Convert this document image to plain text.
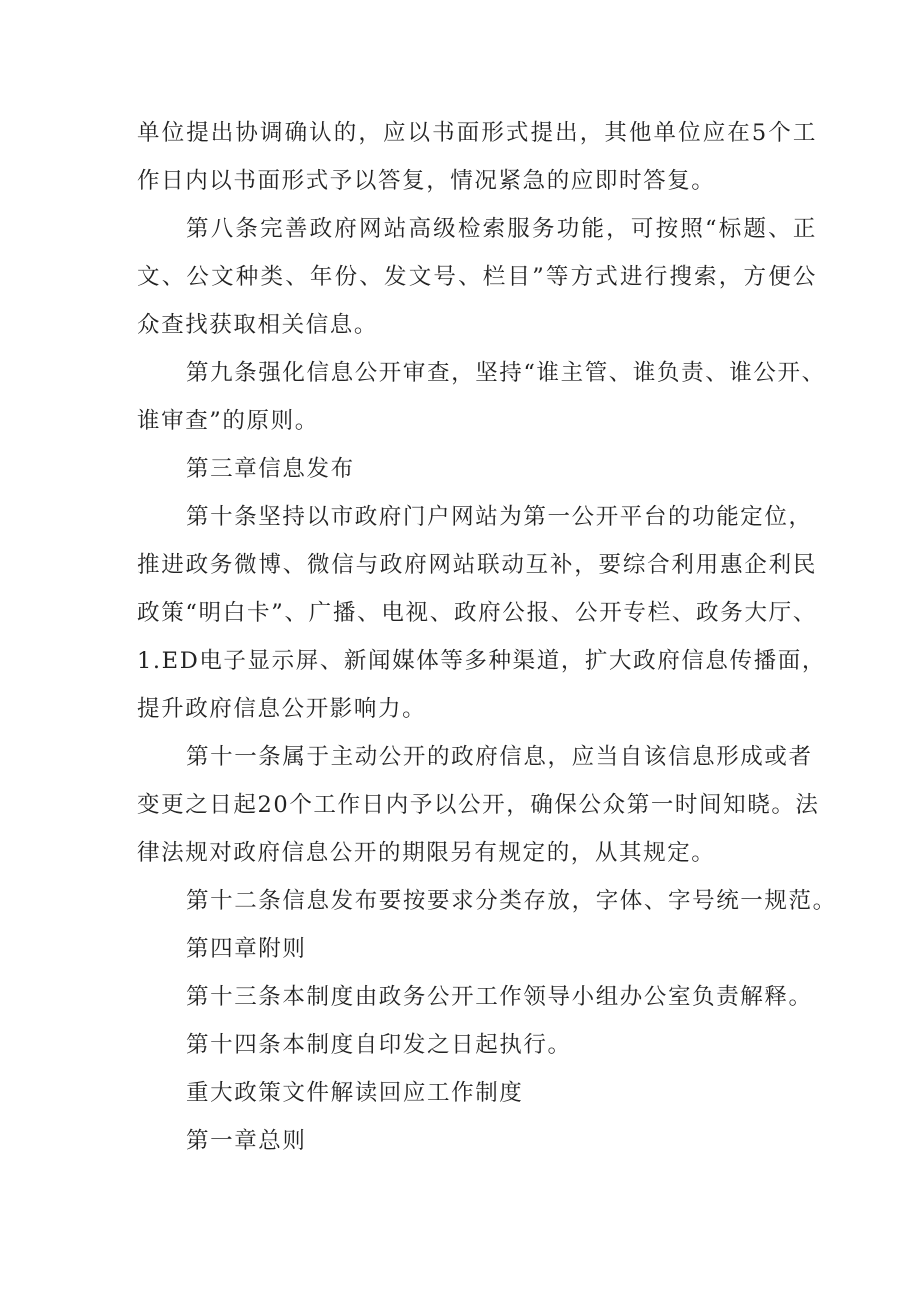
单位提出协调确认的，应以书面形式提出，其他单位应在5个工
作日内以书面形式予以答复，情况紧急的应即时答复。
第八条完善政府网站高级检索服务功能，可按照“标题、正
文、公文种类、年份、发文号、栏目”等方式进行搜索，方便公
众查找获取相关信息。
第九条强化信息公开审查，坚持“谁主管、谁负责、谁公开、
谁审查”的原则。
第三章信息发布
第十条坚持以市政府门户网站为第一公开平台的功能定位，
推进政务微博、微信与政府网站联动互补，要综合利用惠企利民
政策“明白卡”、广播、电视、政府公报、公开专栏、政务大厅、
1.ED电子显示屏、新闻媒体等多种渠道，扩大政府信息传播面，
提升政府信息公开影响力。
第十一条属于主动公开的政府信息，应当自该信息形成或者
变更之日起20个工作日内予以公开，确保公众第一时间知晓。法
律法规对政府信息公开的期限另有规定的，从其规定。
第十二条信息发布要按要求分类存放，字体、字号统一规范。
第四章附则
第十三条本制度由政务公开工作领导小组办公室负责解释。
第十四条本制度自印发之日起执行。
重大政策文件解读回应工作制度
第一章总则
